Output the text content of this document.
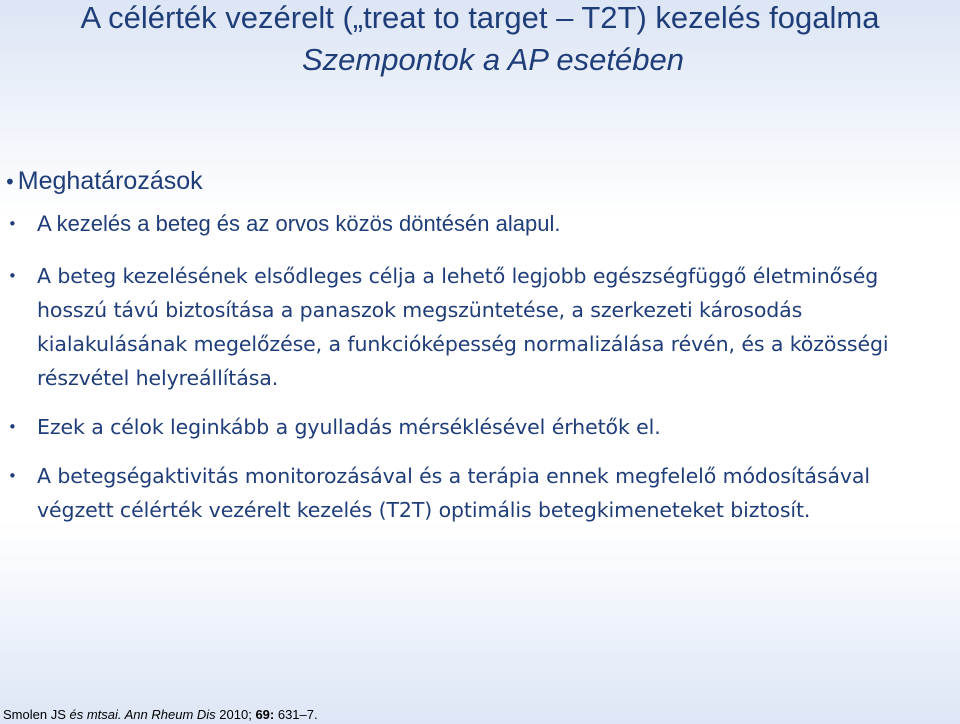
A célérték vezérelt („treat to target – T2T) kezelés fogalma
Szempontok a AP esetében
•Meghatározások
• A kezelés a beteg és az orvos közös döntésén alapul.
• A beteg kezelésének elsődleges célja a lehető legjobb egészségfüggő életminőség
hosszú távú biztosítása a panaszok megszüntetése, a szerkezeti károsodás
kialakulásának megelőzése, a funkcióképesség normalizálása révén, és a közösségi
részvétel helyreállítása.
• Ezek a célok leginkább a gyulladás mérséklésével érhetők el.
• A betegségaktivitás monitorozásával és a terápia ennek megfelelő módosításával
végzett célérték vezérelt kezelés (T2T) optimális betegkimeneteket biztosít.
Smolen JS és mtsai. Ann Rheum Dis 2010; 69: 631–7.
